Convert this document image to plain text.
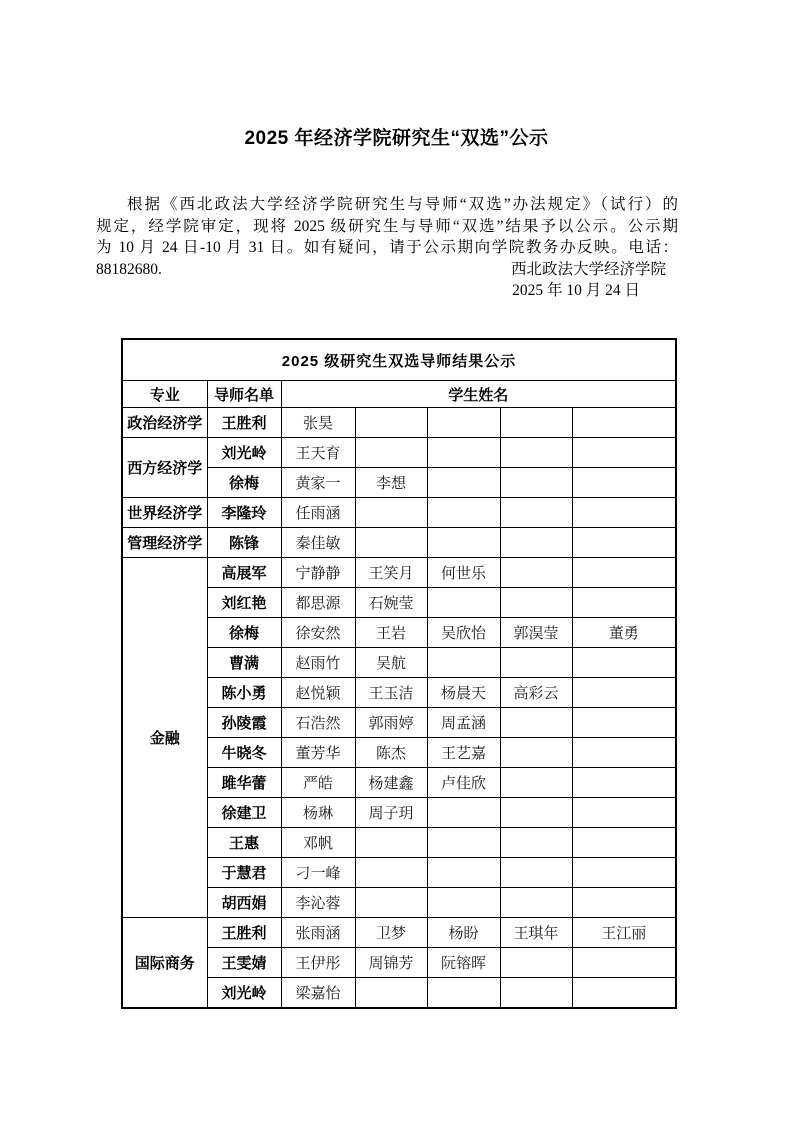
2025 年经济学院研究生“双选”公示

根据《西北政法大学经济学院研究生与导师“双选”办法规定》（试行）的

规定，经学院审定，现将 2025 级研究生与导师“双选”结果予以公示。公示期

为 10 月 24 日-10 月 31 日。如有疑问，请于公示期向学院教务办反映。电话：

88182680.	西北政法大学经济学院
2025 年 10 月 24 日
2025 级研究生双选导师结果公示						
专业	导师名单	学生姓名				
政治经济学	王胜利	张昊				
西方经济学	刘光岭	王天育				
	徐梅	黄家一	李想			
世界经济学	李隆玲	任雨涵				
管理经济学	陈锋	秦佳敏				
金融	高展军	宁静静	王笑月	何世乐		
	刘红艳	都思源	石婉莹			
	徐梅	徐安然	王岩	吴欣怡	郭淏莹	董勇
	曹满	赵雨竹	吴航			
	陈小勇	赵悦颖	王玉洁	杨晨天	高彩云	
	孙陵霞	石浩然	郭雨婷	周孟涵		
	牛晓冬	董芳华	陈杰	王艺嘉		
	雎华蕾	严皓	杨建鑫	卢佳欣		
	徐建卫	杨琳	周子玥			
	王惠	邓帆				
	于慧君	刁一峰				
	胡西娟	李沁蓉				
国际商务	王胜利	张雨涵	卫梦	杨盼	王琪年	王江丽
	王雯婧	王伊彤	周锦芳	阮镕晖		
	刘光岭	梁嘉怡				
